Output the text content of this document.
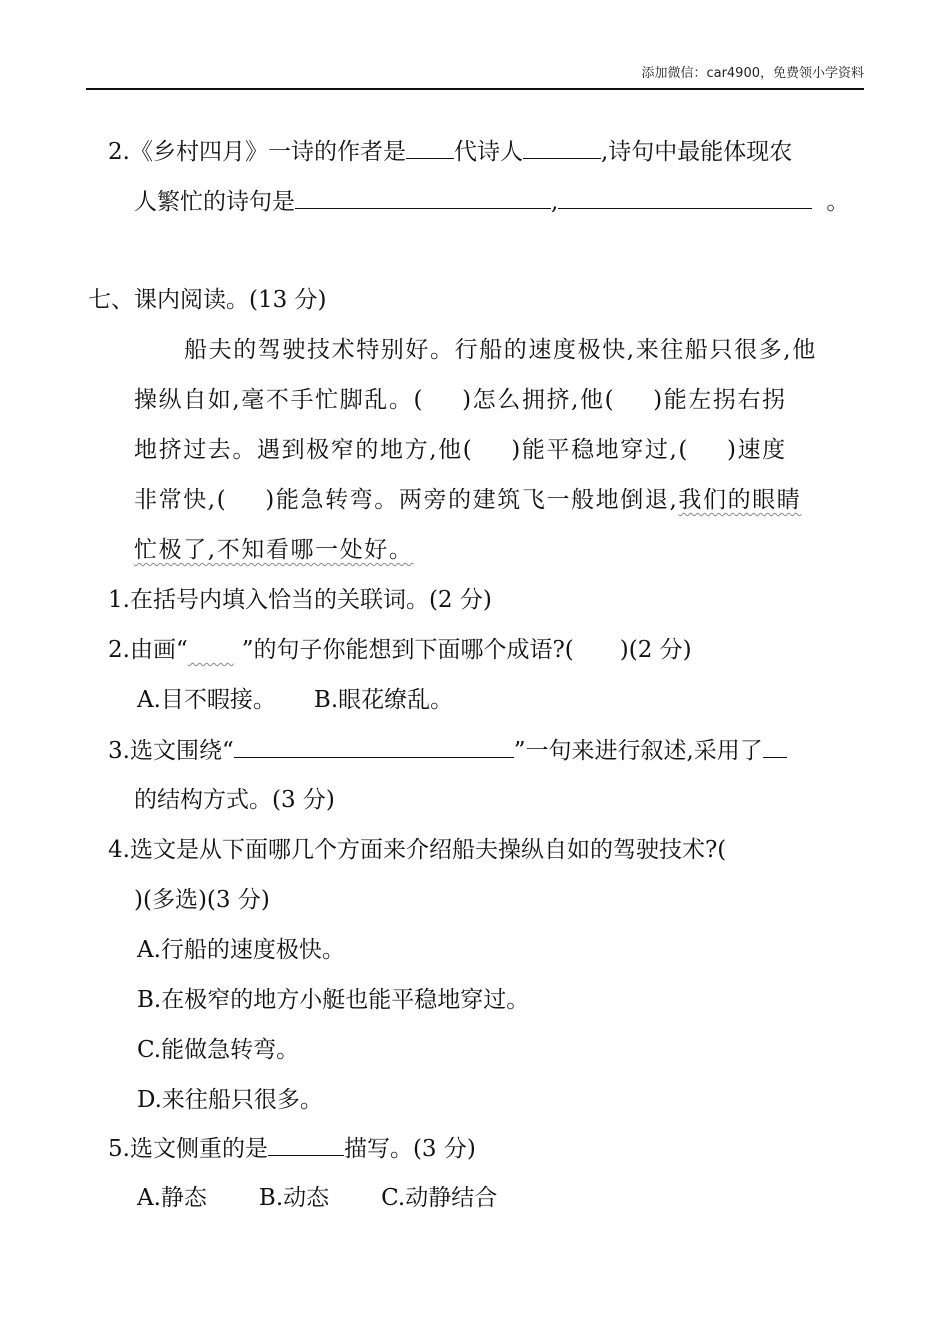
添加微信：car4900，免费领小学资料
2.《乡村四月》一诗的作者是 代诗人	,诗句中最能体现农
人繁忙的诗句是	,	。
七、课内阅读。(13 分)
船夫的驾驶技术特别好。行船的速度极快,来往船只很多,他
操纵自如,毫不手忙脚乱。( )怎么拥挤,他( )能左拐右拐
地挤过去。遇到极窄的地方,他( )能平稳地穿过,( )速度
非常快,( )能急转弯。两旁的建筑飞一般地倒退,我们的眼睛
忙极了,不知看哪一处好。
1.在括号内填入恰当的关联词。(2 分)
2.由画“　　 ”的句子你能想到下面哪个成语?( )(2 分)
A.目不暇接。 B.眼花缭乱。
3.选文围绕“	”一句来进行叙述,采用了
的结构方式。(3 分)
4.选文是从下面哪几个方面来介绍船夫操纵自如的驾驶技术?(
)(多选)(3 分)
A.行船的速度极快。
B.在极窄的地方小艇也能平稳地穿过。
C.能做急转弯。
D.来往船只很多。
5.选文侧重的是	描写。(3 分)
A.静态 B.动态 C.动静结合
